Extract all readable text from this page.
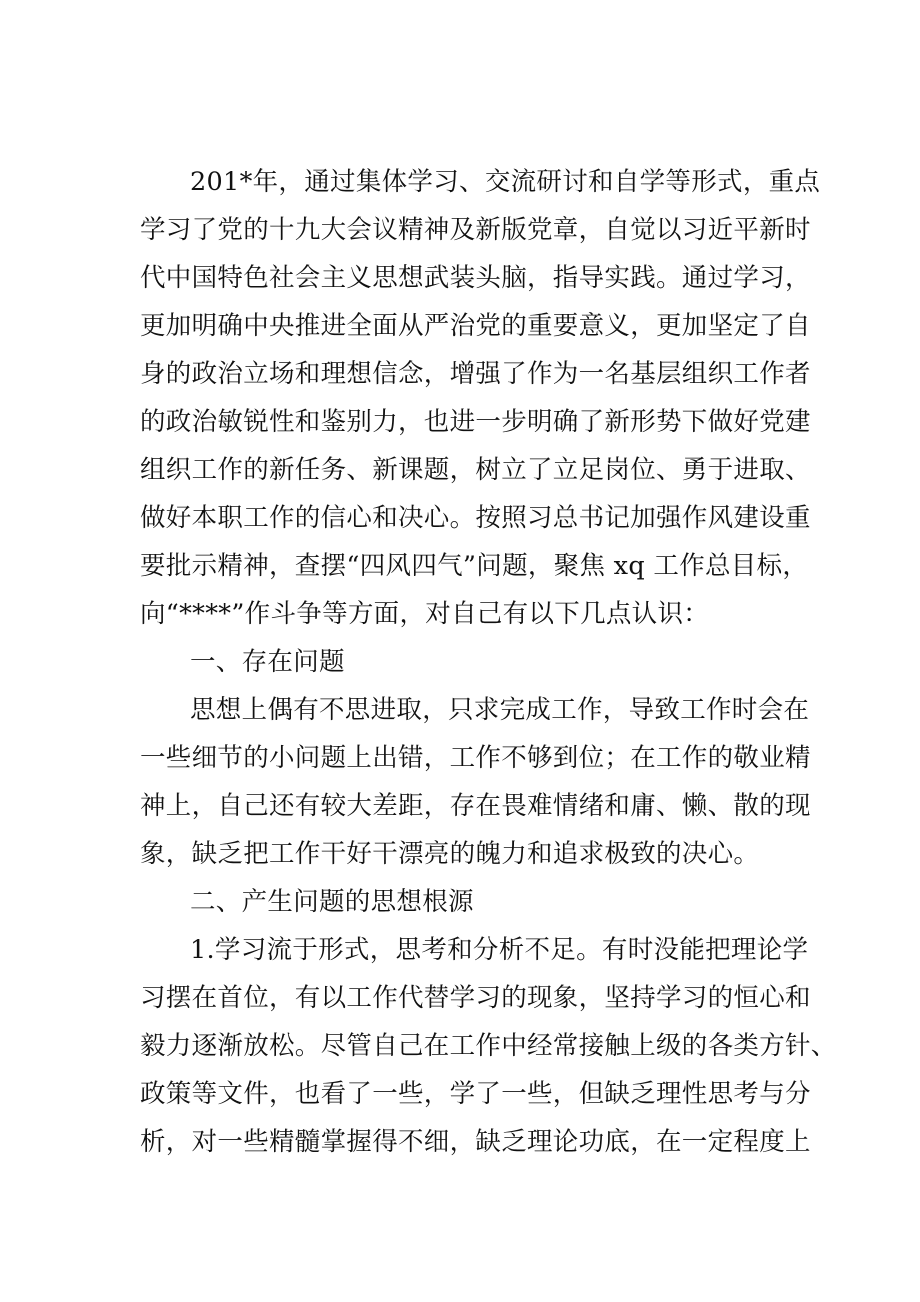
201*年，通过集体学习、交流研讨和自学等形式，重点

学习了党的十九大会议精神及新版党章，自觉以习近平新时

代中国特色社会主义思想武装头脑，指导实践。通过学习，

更加明确中央推进全面从严治党的重要意义，更加坚定了自

身的政治立场和理想信念，增强了作为一名基层组织工作者

的政治敏锐性和鉴别力，也进一步明确了新形势下做好党建

组织工作的新任务、新课题，树立了立足岗位、勇于进取、

做好本职工作的信心和决心。按照习总书记加强作风建设重

要批示精神，查摆“四风四气”问题，聚焦 xq 工作总目标，

向“****”作斗争等方面，对自己有以下几点认识：

一、存在问题

思想上偶有不思进取，只求完成工作，导致工作时会在

一些细节的小问题上出错，工作不够到位；在工作的敬业精

神上，自己还有较大差距，存在畏难情绪和庸、懒、散的现

象，缺乏把工作干好干漂亮的魄力和追求极致的决心。

二、产生问题的思想根源

1.学习流于形式，思考和分析不足。有时没能把理论学

习摆在首位，有以工作代替学习的现象，坚持学习的恒心和

毅力逐渐放松。尽管自己在工作中经常接触上级的各类方针、

政策等文件，也看了一些，学了一些，但缺乏理性思考与分

析，对一些精髓掌握得不细，缺乏理论功底，在一定程度上
